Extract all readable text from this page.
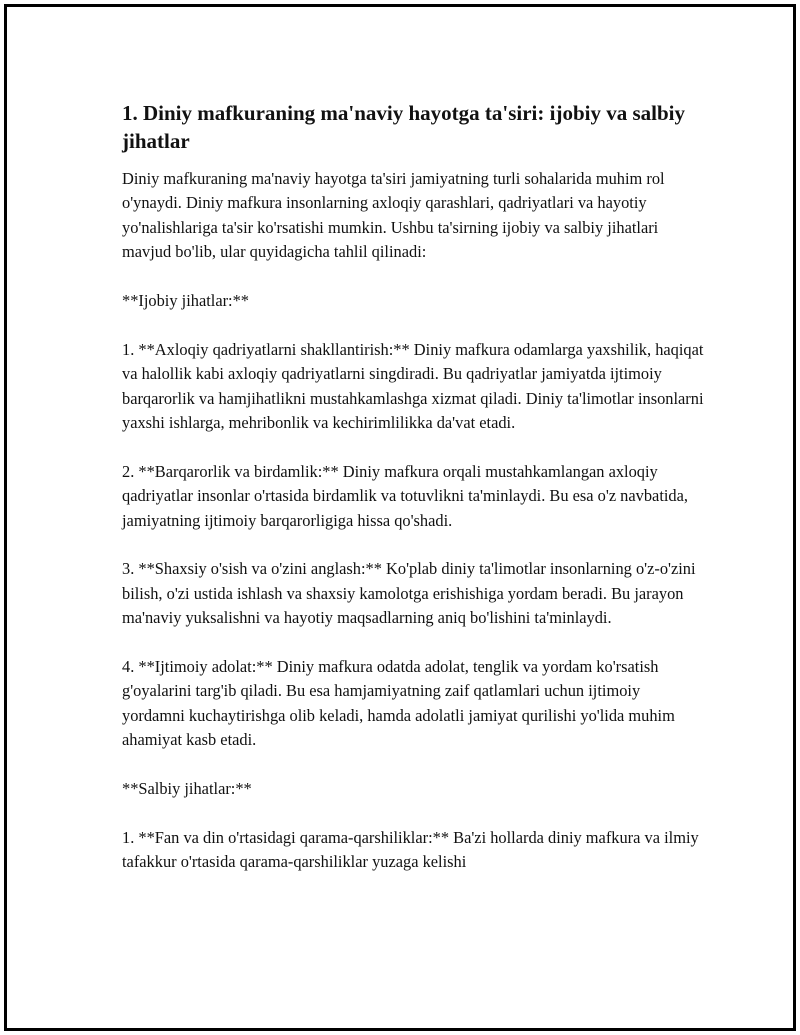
1. Diniy mafkuraning ma'naviy hayotga ta'siri: ijobiy va salbiy jihatlar

Diniy mafkuraning ma'naviy hayotga ta'siri jamiyatning turli sohalarida muhim rol o'ynaydi. Diniy mafkura insonlarning axloqiy qarashlari, qadriyatlari va hayotiy yo'nalishlariga ta'sir ko'rsatishi mumkin. Ushbu ta'sirning ijobiy va salbiy jihatlari mavjud bo'lib, ular quyidagicha tahlil qilinadi:

**Ijobiy jihatlar:**

1. **Axloqiy qadriyatlarni shakllantirish:** Diniy mafkura odamlarga yaxshilik, haqiqat va halollik kabi axloqiy qadriyatlarni singdiradi. Bu qadriyatlar jamiyatda ijtimoiy barqarorlik va hamjihatlikni mustahkamlashga xizmat qiladi. Diniy ta'limotlar insonlarni yaxshi ishlarga, mehribonlik va kechirimlilikka da'vat etadi.

2. **Barqarorlik va birdamlik:** Diniy mafkura orqali mustahkamlangan axloqiy qadriyatlar insonlar o'rtasida birdamlik va totuvlikni ta'minlaydi. Bu esa o'z navbatida, jamiyatning ijtimoiy barqarorligiga hissa qo'shadi.

3. **Shaxsiy o'sish va o'zini anglash:** Ko'plab diniy ta'limotlar insonlarning o'z-o'zini bilish, o'zi ustida ishlash va shaxsiy kamolotga erishishiga yordam beradi. Bu jarayon ma'naviy yuksalishni va hayotiy maqsadlarning aniq bo'lishini ta'minlaydi.

4. **Ijtimoiy adolat:** Diniy mafkura odatda adolat, tenglik va yordam ko'rsatish g'oyalarini targ'ib qiladi. Bu esa hamjamiyatning zaif qatlamlari uchun ijtimoiy yordamni kuchaytirishga olib keladi, hamda adolatli jamiyat qurilishi yo'lida muhim ahamiyat kasb etadi.

**Salbiy jihatlar:**

1. **Fan va din o'rtasidagi qarama-qarshiliklar:** Ba'zi hollarda diniy mafkura va ilmiy tafakkur o'rtasida qarama-qarshiliklar yuzaga kelishi
